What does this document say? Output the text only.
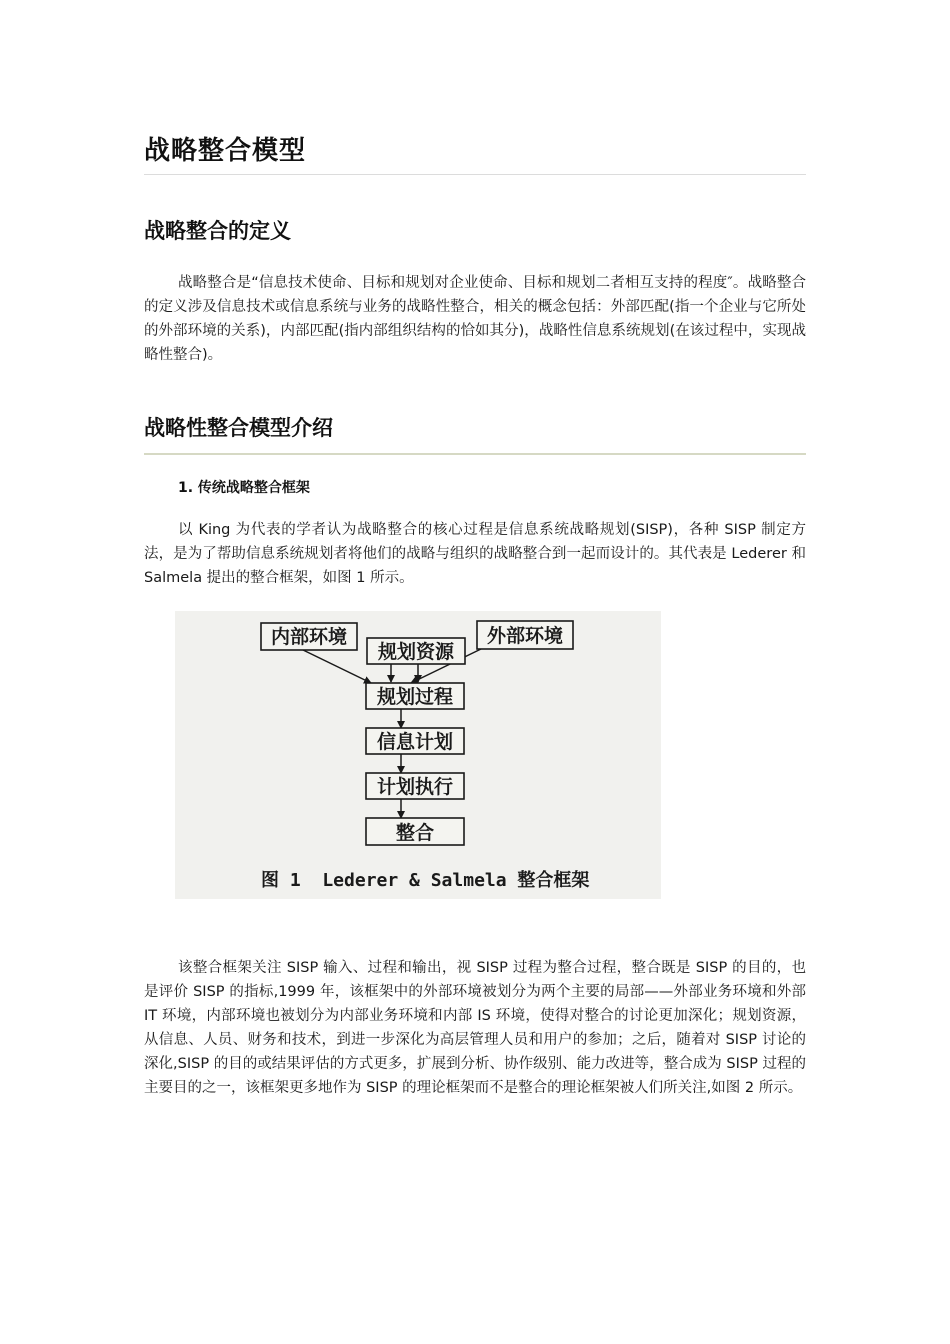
战略整合模型
战略整合的定义

战略整合是“信息技术使命、目标和规划对企业使命、目标和规划二者相互支持的程度″。战略整合的定义涉及信息技术或信息系统与业务的战略性整合，相关的概念包括：外部匹配(指一个企业与它所处的外部环境的关系)，内部匹配(指内部组织结构的恰如其分)，战略性信息系统规划(在该过程中，实现战略性整合)。

战略性整合模型介绍
1. 传统战略整合框架

以 King 为代表的学者认为战略整合的核心过程是信息系统战略规划(SISP)，各种 SISP 制定方法，是为了帮助信息系统规划者将他们的战略与组织的战略整合到一起而设计的。其代表是 Lederer 和 Salmela 提出的整合框架，如图 1 所示。

内部环境
规划资源
外部环境
规划过程
信息计划
计划执行
整合
图 1  Lederer & Salmela 整合框架

该整合框架关注 SISP 输入、过程和输出，视 SISP 过程为整合过程，整合既是 SISP 的目的，也是评价 SISP 的指标,1999 年，该框架中的外部环境被划分为两个主要的局部——外部业务环境和外部 IT 环境，内部环境也被划分为内部业务环境和内部 IS 环境，使得对整合的讨论更加深化；规划资源，从信息、人员、财务和技术，到进一步深化为高层管理人员和用户的参加；之后，随着对 SISP 讨论的深化,SISP 的目的或结果评估的方式更多，扩展到分析、协作级别、能力改进等，整合成为 SISP 过程的主要目的之一，该框架更多地作为 SISP 的理论框架而不是整合的理论框架被人们所关注,如图 2 所示。
